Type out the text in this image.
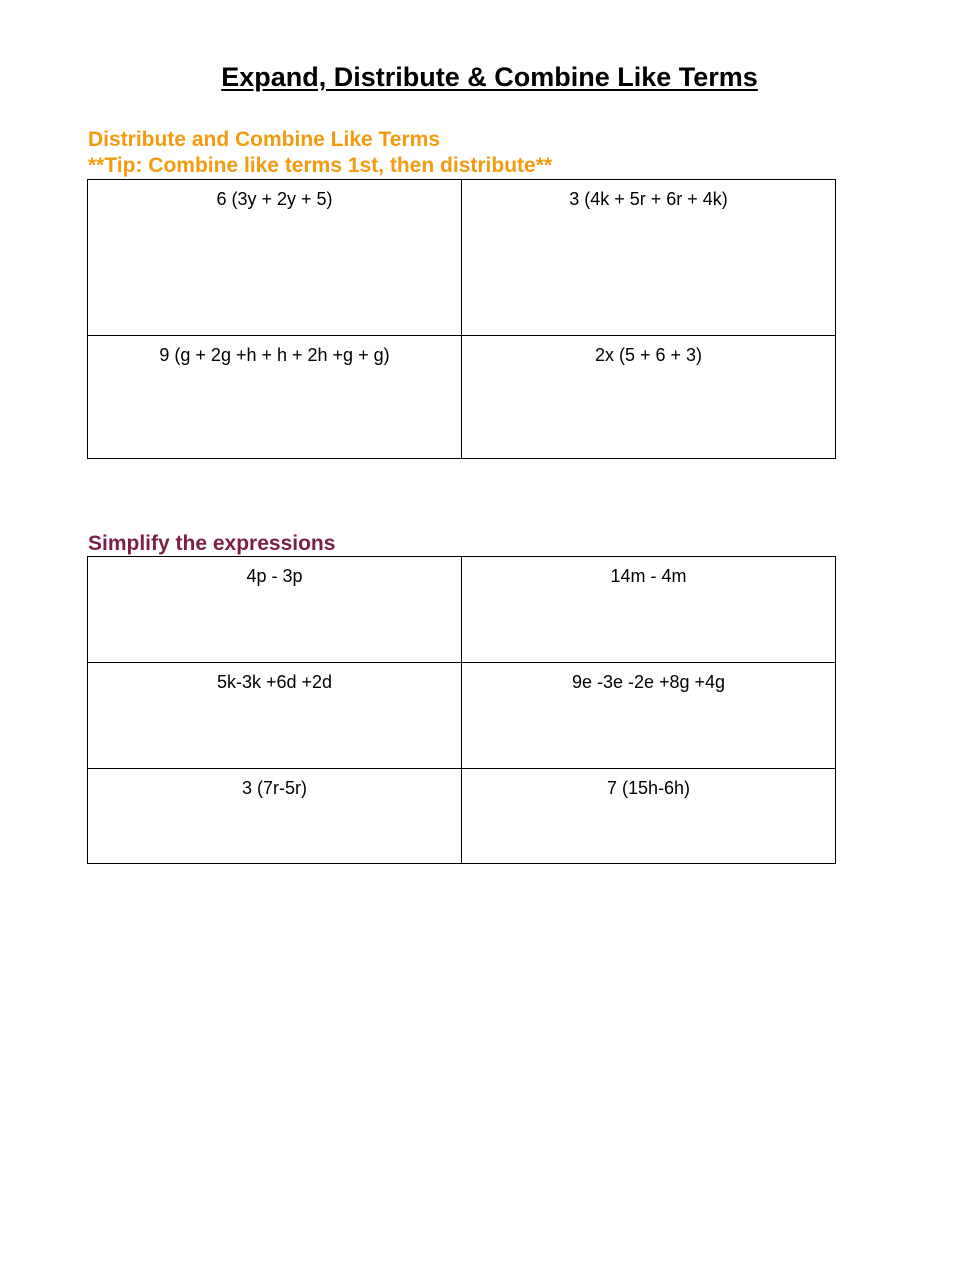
Expand, Distribute & Combine Like Terms
Distribute and Combine Like Terms
**Tip: Combine like terms 1st, then distribute**
6 (3y + 2y + 5)	3 (4k + 5r + 6r + 4k)
9 (g + 2g +h + h + 2h +g + g)	2x (5 + 6 + 3)
Simplify the expressions
4p - 3p	14m - 4m
5k-3k +6d +2d	9e -3e -2e +8g +4g
3 (7r-5r)	7 (15h-6h)
